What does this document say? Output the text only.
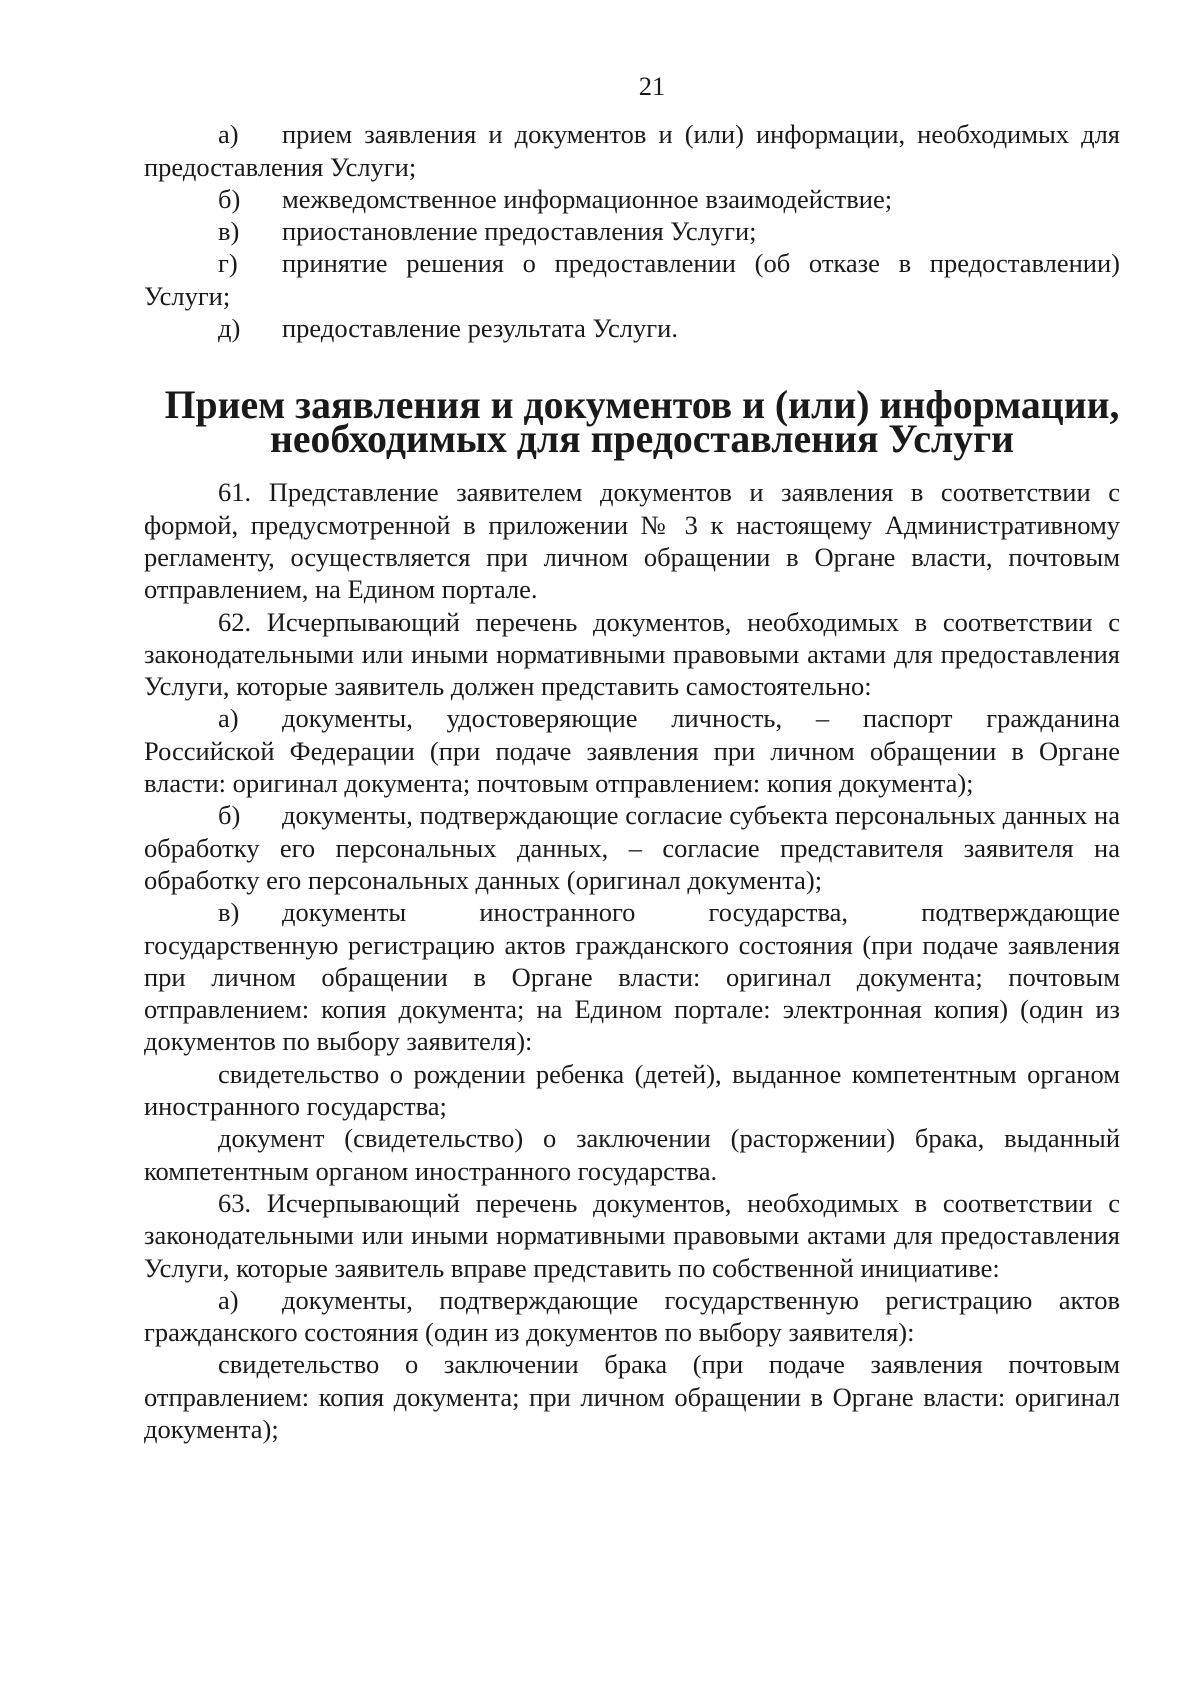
21

а) прием заявления и документов и (или) информации, необходимых для предоставления Услуги;

б) межведомственное информационное взаимодействие;

в) приостановление предоставления Услуги;

г) принятие решения о предоставлении (об отказе в предоставлении) Услуги;

д) предоставление результата Услуги.

Прием заявления и документов и (или) информации, необходимых для предоставления Услуги

61. Представление заявителем документов и заявления в соответствии с формой, предусмотренной в приложении № 3 к настоящему Административному регламенту, осуществляется при личном обращении в Органе власти, почтовым отправлением, на Едином портале.

62. Исчерпывающий перечень документов, необходимых в соответствии с законодательными или иными нормативными правовыми актами для предоставления Услуги, которые заявитель должен представить самостоятельно:

а) документы, удостоверяющие личность, – паспорт гражданина Российской Федерации (при подаче заявления при личном обращении в Органе власти: оригинал документа; почтовым отправлением: копия документа);

б) документы, подтверждающие согласие субъекта персональных данных на обработку его персональных данных, – согласие представителя заявителя на обработку его персональных данных (оригинал документа);

в) документы иностранного государства, подтверждающие государственную регистрацию актов гражданского состояния (при подаче заявления при личном обращении в Органе власти: оригинал документа; почтовым отправлением: копия документа; на Едином портале: электронная копия) (один из документов по выбору заявителя):

свидетельство о рождении ребенка (детей), выданное компетентным органом иностранного государства;

документ (свидетельство) о заключении (расторжении) брака, выданный компетентным органом иностранного государства.

63. Исчерпывающий перечень документов, необходимых в соответствии с законодательными или иными нормативными правовыми актами для предоставления Услуги, которые заявитель вправе представить по собственной инициативе:

а) документы, подтверждающие государственную регистрацию актов гражданского состояния (один из документов по выбору заявителя):

свидетельство о заключении брака (при подаче заявления почтовым отправлением: копия документа; при личном обращении в Органе власти: оригинал документа);
